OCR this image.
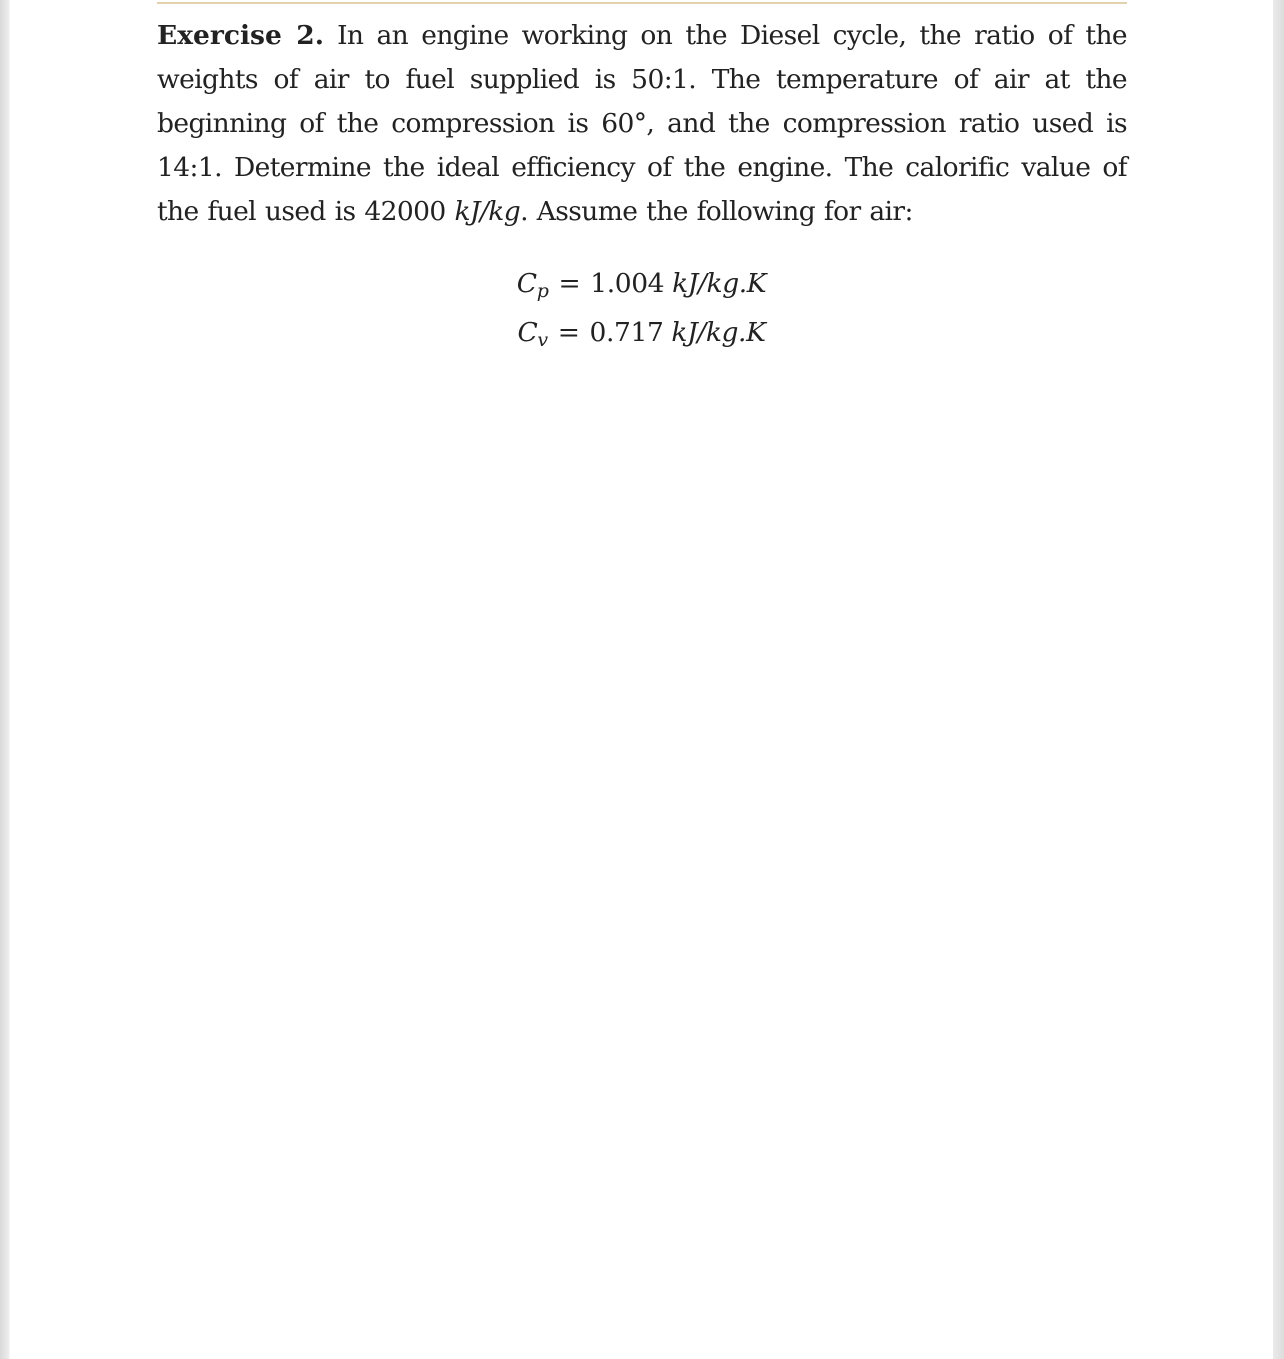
Exercise 2. In an engine working on the Diesel cycle, the ratio of the weights of air to fuel supplied is 50:1. The temperature of air at the beginning of the compression is 60°, and the compression ratio used is 14:1. Determine the ideal efficiency of the engine. The calorific value of the fuel used is 42000 kJ/kg. Assume the following for air:

C p = 1.004 kJ/kg.K
C v = 0.717 kJ/kg.K
